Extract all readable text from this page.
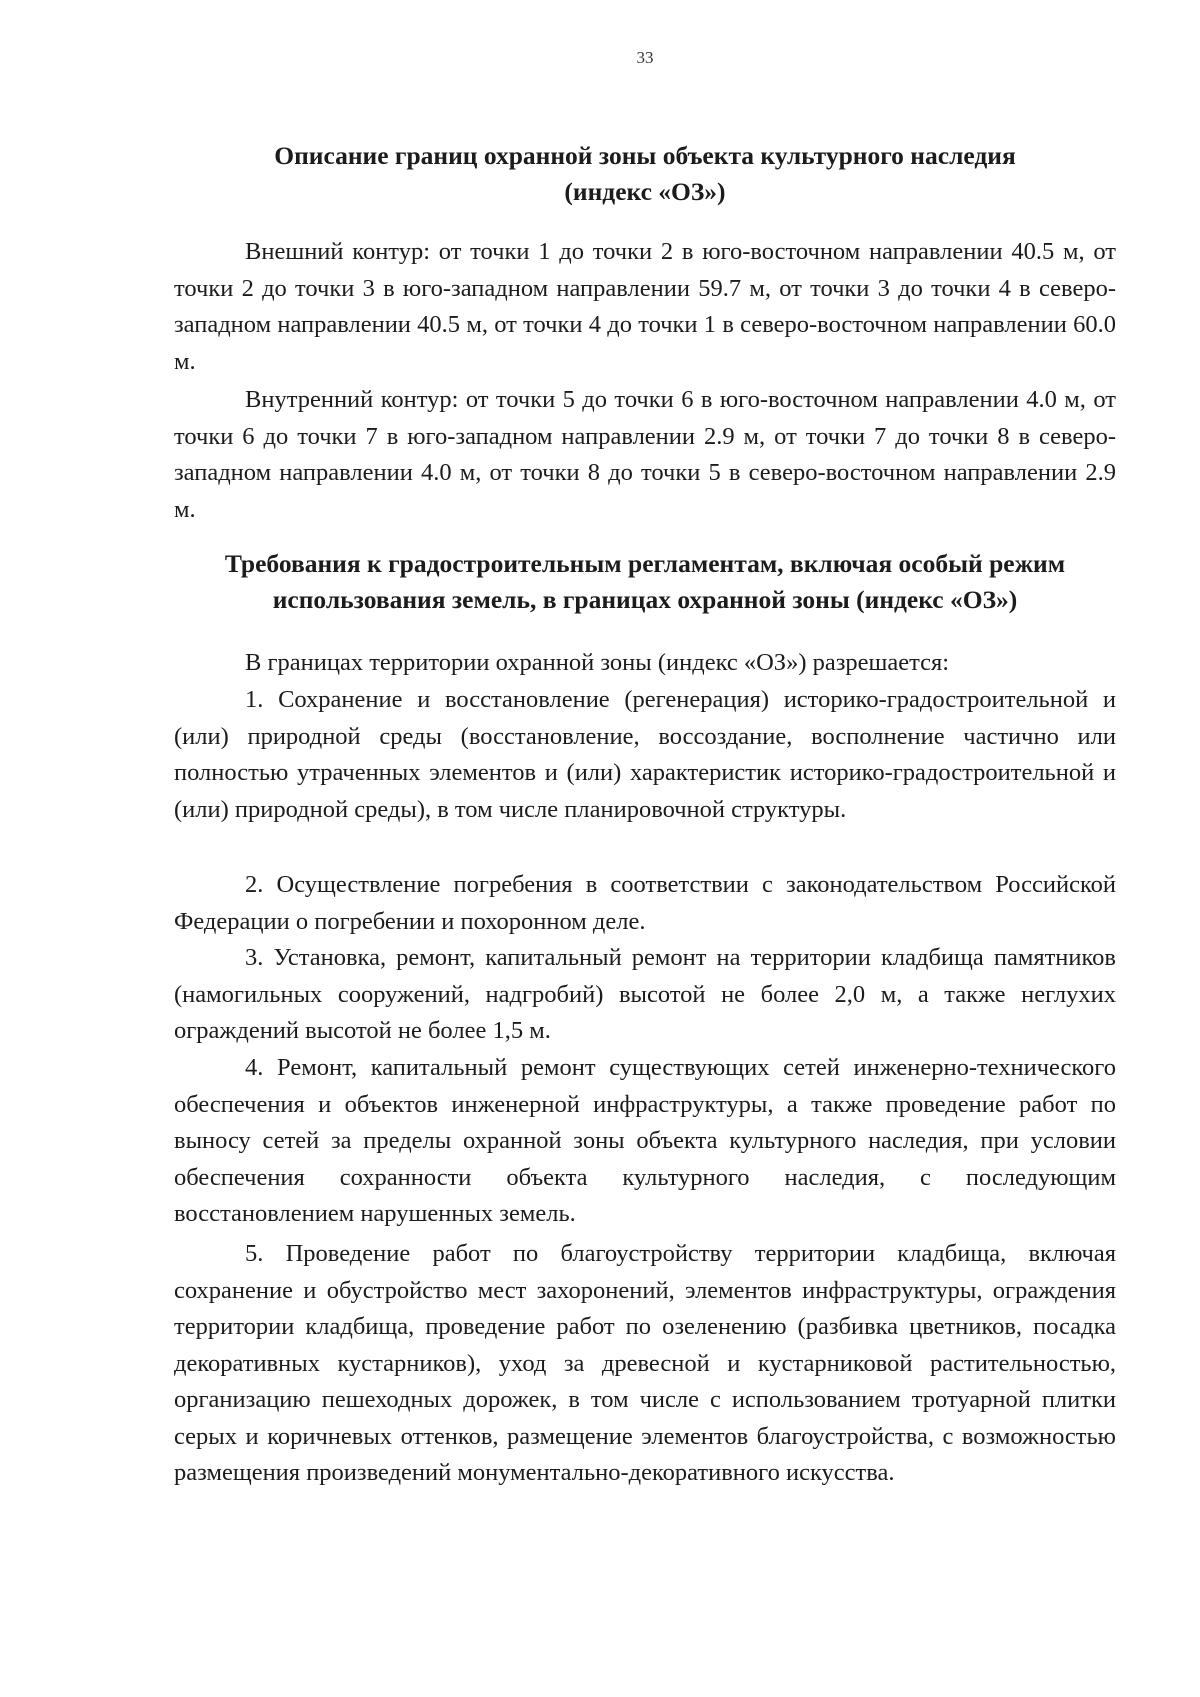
33
Описание границ охранной зоны объекта культурного наследия
(индекс «ОЗ»)

Внешний контур: от точки 1 до точки 2 в юго-восточном направлении 40.5 м, от точки 2 до точки 3 в юго-западном направлении 59.7 м, от точки 3 до точки 4 в северо-западном направлении 40.5 м, от точки 4 до точки 1 в северо-восточном направлении 60.0 м.

Внутренний контур: от точки 5 до точки 6 в юго-восточном направлении 4.0 м, от точки 6 до точки 7 в юго-западном направлении 2.9 м, от точки 7 до точки 8 в северо-западном направлении 4.0 м, от точки 8 до точки 5 в северо-восточном направлении 2.9 м.

Требования к градостроительным регламентам, включая особый режим
использования земель, в границах охранной зоны (индекс «ОЗ»)

В границах территории охранной зоны (индекс «ОЗ») разрешается:

1. Сохранение и восстановление (регенерация) историко-градостроительной и (или) природной среды (восстановление, воссоздание, восполнение частично или полностью утраченных элементов и (или) характеристик историко-градостроительной и (или) природной среды), в том числе планировочной структуры.

2. Осуществление погребения в соответствии с законодательством Российской Федерации о погребении и похоронном деле.

3. Установка, ремонт, капитальный ремонт на территории кладбища памятников (намогильных сооружений, надгробий) высотой не более 2,0 м, а также неглухих ограждений высотой не более 1,5 м.

4. Ремонт, капитальный ремонт существующих сетей инженерно-технического обеспечения и объектов инженерной инфраструктуры, а также проведение работ по выносу сетей за пределы охранной зоны объекта культурного наследия, при условии обеспечения сохранности объекта культурного наследия, с последующим восстановлением нарушенных земель.

5. Проведение работ по благоустройству территории кладбища, включая сохранение и обустройство мест захоронений, элементов инфраструктуры, ограждения территории кладбища, проведение работ по озеленению (разбивка цветников, посадка декоративных кустарников), уход за древесной и кустарниковой растительностью, организацию пешеходных дорожек, в том числе с использованием тротуарной плитки серых и коричневых оттенков, размещение элементов благоустройства, с возможностью размещения произведений монументально-декоративного искусства.
